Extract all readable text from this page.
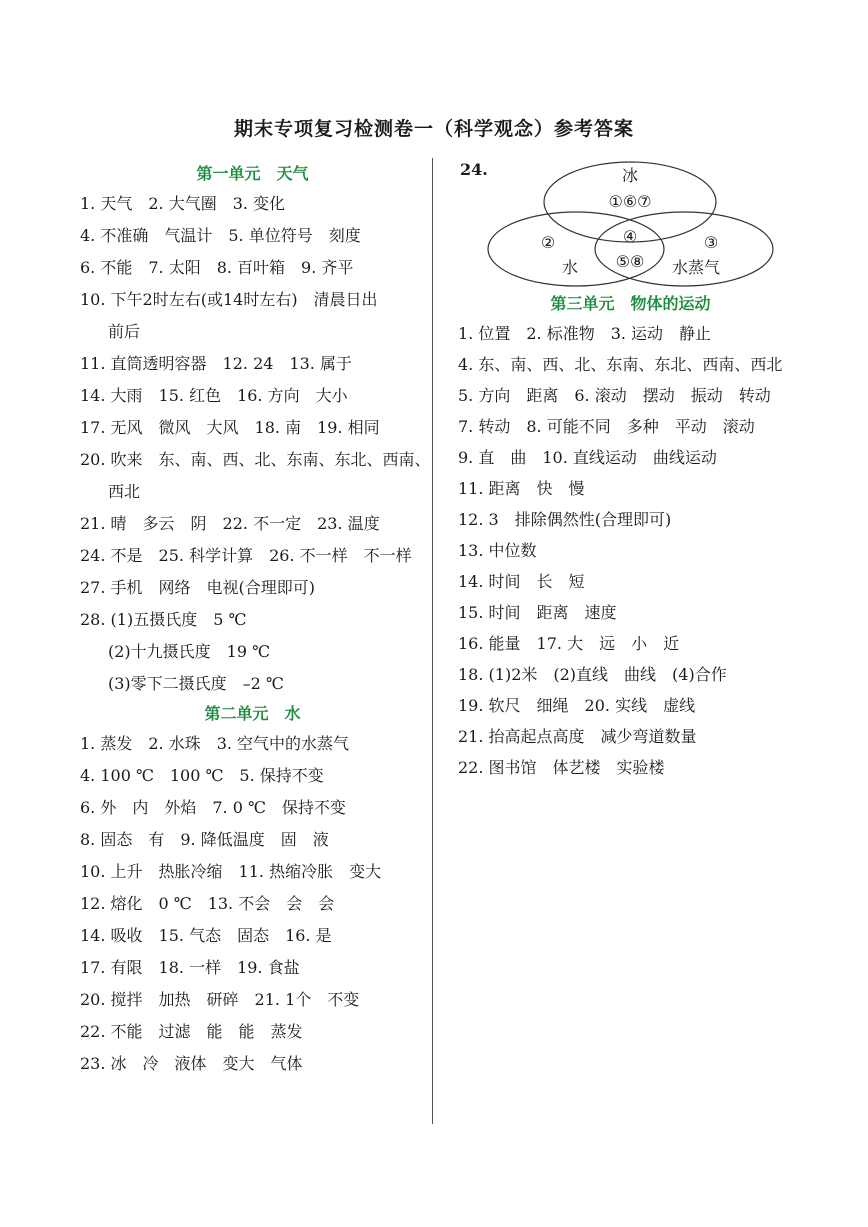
期末专项复习检测卷一（科学观念）参考答案
第一单元　天气
1. 天气　2. 大气圈　3. 变化
4. 不准确　气温计　5. 单位符号　刻度
6. 不能　7. 太阳　8. 百叶箱　9. 齐平
10. 下午2时左右(或14时左右)　清晨日出
前后
11. 直筒透明容器　12. 24　13. 属于
14. 大雨　15. 红色　16. 方向　大小
17. 无风　微风　大风　18. 南　19. 相同
20. 吹来　东、南、西、北、东南、东北、西南、
西北
21. 晴　多云　阴　22. 不一定　23. 温度
24. 不是　25. 科学计算　26. 不一样　不一样
27. 手机　网络　电视(合理即可)
28. (1)五摄氏度　5 ℃
(2)十九摄氏度　19 ℃
(3)零下二摄氏度　–2 ℃
第二单元　水
1. 蒸发　2. 水珠　3. 空气中的水蒸气
4. 100 ℃　100 ℃　5. 保持不变
6. 外　内　外焰　7. 0 ℃　保持不变
8. 固态　有　9. 降低温度　固　液
10. 上升　热胀冷缩　11. 热缩冷胀　变大
12. 熔化　0 ℃　13. 不会　会　会
14. 吸收　15. 气态　固态　16. 是
17. 有限　18. 一样　19. 食盐
20. 搅拌　加热　研碎　21. 1个　不变
22. 不能　过滤　能　能　蒸发
23. 冰　冷　液体　变大　气体
24.	冰
①⑥⑦
④
②	③
水 ⑤⑧ 水蒸气
第三单元　物体的运动
1. 位置　2. 标准物　3. 运动　静止
4. 东、南、西、北、东南、东北、西南、西北
5. 方向　距离　6. 滚动　摆动　振动　转动
7. 转动　8. 可能不同　多种　平动　滚动
9. 直　曲　10. 直线运动　曲线运动
11. 距离　快　慢
12. 3　排除偶然性(合理即可)
13. 中位数
14. 时间　长　短
15. 时间　距离　速度
16. 能量　17. 大　远　小　近
18. (1)2米　(2)直线　曲线　(4)合作
19. 软尺　细绳　20. 实线　虚线
21. 抬高起点高度　减少弯道数量
22. 图书馆　体艺楼　实验楼
